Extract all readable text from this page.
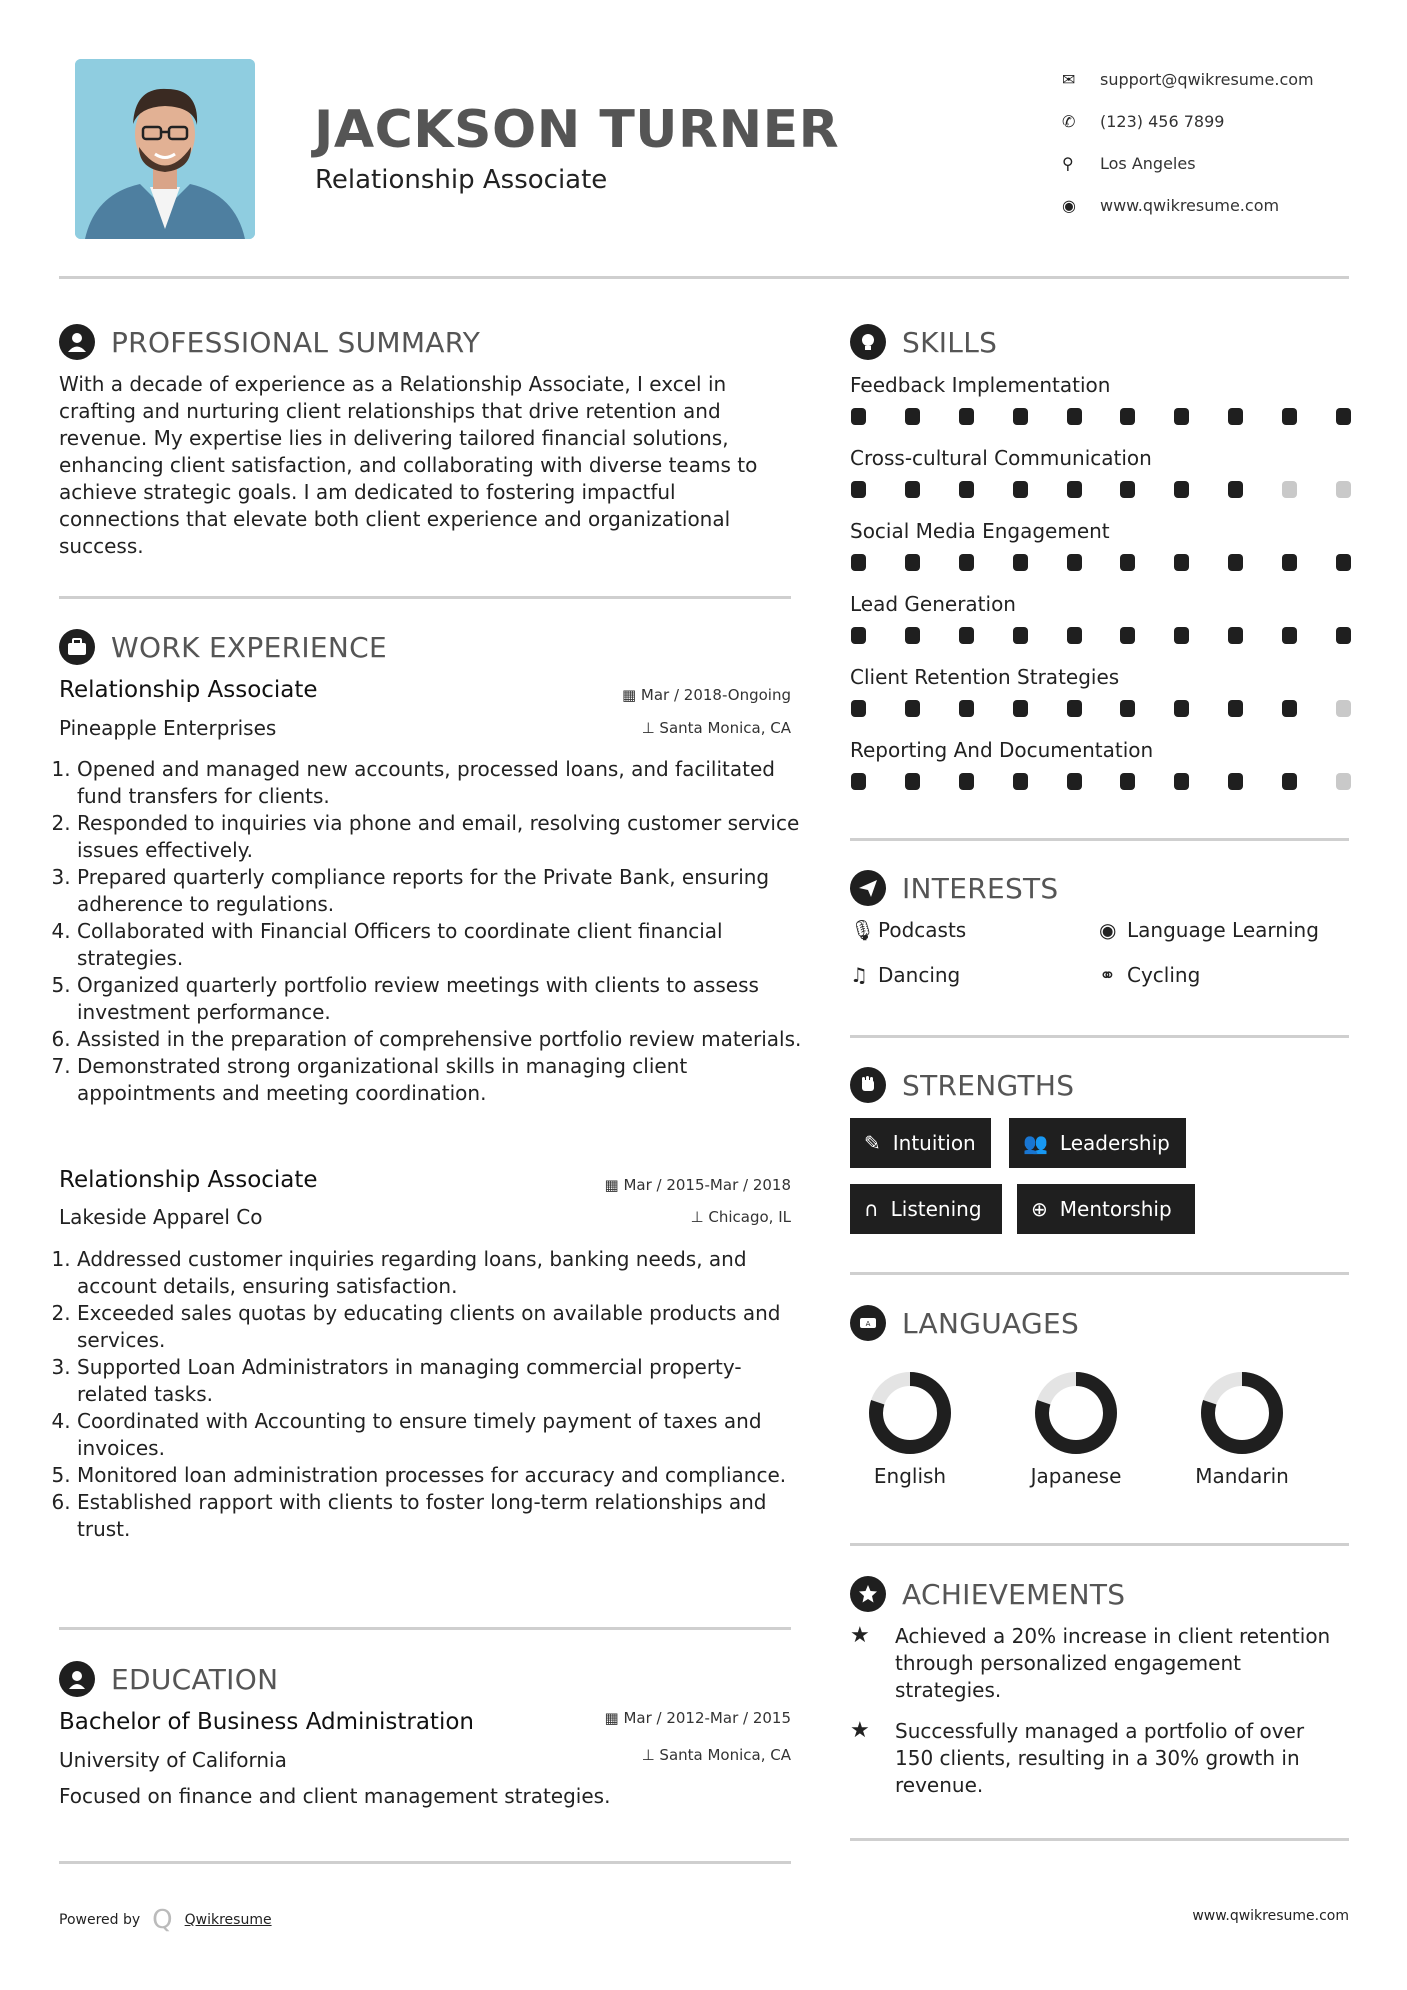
JACKSON TURNER
Relationship Associate
✉	support@qwikresume.com
✆	(123) 456 7899
⚲	Los Angeles
◉	www.qwikresume.com
PROFESSIONAL SUMMARY
With a decade of experience as a Relationship Associate, I excel in crafting and nurturing client relationships that drive retention and revenue. My expertise lies in delivering tailored financial solutions, enhancing client satisfaction, and collaborating with diverse teams to achieve strategic goals. I am dedicated to fostering impactful connections that elevate both client experience and organizational success.
WORK EXPERIENCE
Relationship Associate	▦ Mar / 2018-Ongoing
Pineapple Enterprises	⊥ Santa Monica, CA
1. Opened and managed new accounts, processed loans, and facilitated fund transfers for clients.
2. Responded to inquiries via phone and email, resolving customer service issues effectively.
3. Prepared quarterly compliance reports for the Private Bank, ensuring adherence to regulations.
4. Collaborated with Financial Officers to coordinate client financial strategies.
5. Organized quarterly portfolio review meetings with clients to assess investment performance.
6. Assisted in the preparation of comprehensive portfolio review materials.
7. Demonstrated strong organizational skills in managing client appointments and meeting coordination.
Relationship Associate	▦ Mar / 2015-Mar / 2018
Lakeside Apparel Co	⊥ Chicago, IL
1. Addressed customer inquiries regarding loans, banking needs, and account details, ensuring satisfaction.
2. Exceeded sales quotas by educating clients on available products and services.
3. Supported Loan Administrators in managing commercial property-related tasks.
4. Coordinated with Accounting to ensure timely payment of taxes and invoices.
5. Monitored loan administration processes for accuracy and compliance.
6. Established rapport with clients to foster long-term relationships and trust.
EDUCATION
Bachelor of Business Administration	▦ Mar / 2012-Mar / 2015
University of California	⊥ Santa Monica, CA
Focused on finance and client management strategies.
SKILLS
Feedback Implementation
Cross-cultural Communication
Social Media Engagement
Lead Generation
Client Retention Strategies
Reporting And Documentation
INTERESTS
🎙 Podcasts	◉ Language Learning
♫ Dancing	⚭ Cycling
STRENGTHS
✎ Intuition 👥 Leadership
∩ Listening ⊕ Mentorship
A LANGUAGES
English	Japanese	Mandarin
ACHIEVEMENTS
★	Achieved a 20% increase in client retention through personalized engagement strategies.
★	Successfully managed a portfolio of over 150 clients, resulting in a 30% growth in revenue.
Powered by Q Qwikresume	www.qwikresume.com
